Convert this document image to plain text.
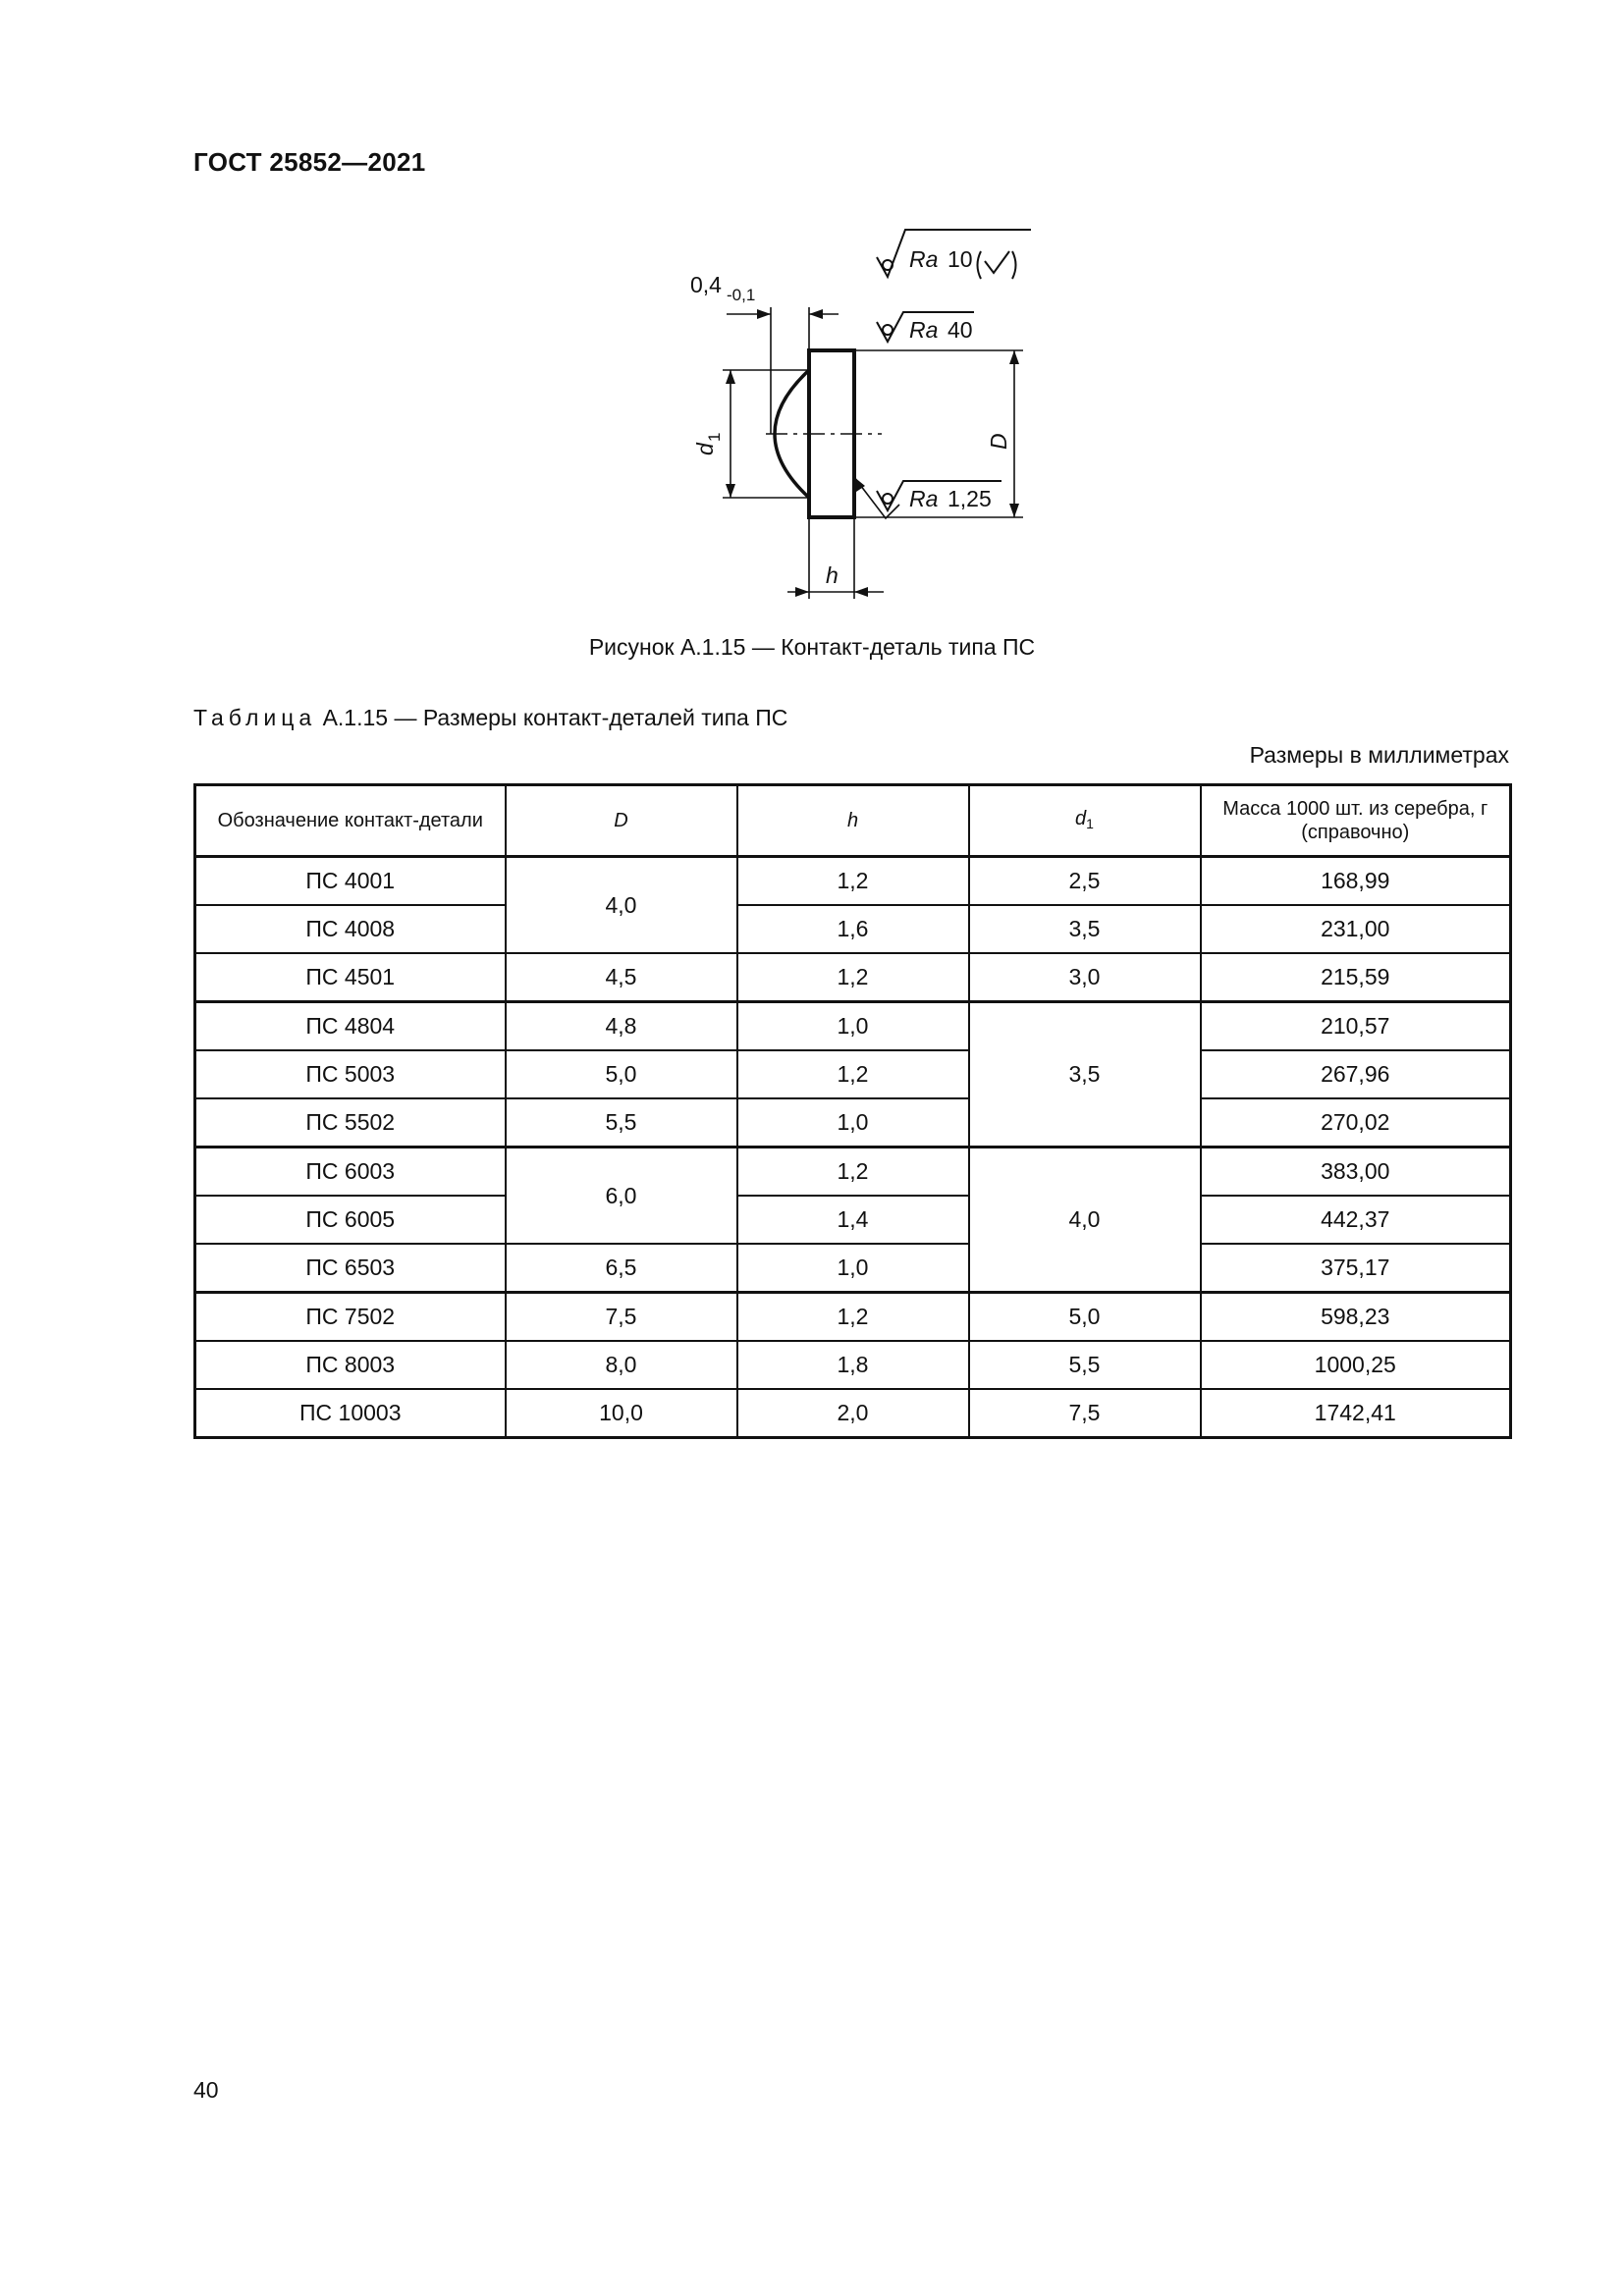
ГОСТ 25852—2021
0,4 -0,1
Ra 10
Ra 40
Ra 1,25
d
1	D
h
Рисунок А.1.15 — Контакт-деталь типа ПС
Таблица А.1.15 — Размеры контакт-деталей типа ПС
Размеры в миллиметрах
Обозначение контакт-детали	D	h	$d_1$	Масса 1000 шт. из серебра, г (справочно)
ПС 4001	4,0	1,2	2,5	168,99
ПС 4008		1,6	3,5	231,00
ПС 4501	4,5	1,2	3,0	215,59
ПС 4804	4,8	1,0	3,5	210,57
ПС 5003	5,0	1,2		267,96
ПС 5502	5,5	1,0		270,02
ПС 6003	6,0	1,2	4,0	383,00
ПС 6005		1,4		442,37
ПС 6503	6,5	1,0		375,17
ПС 7502	7,5	1,2	5,0	598,23
ПС 8003	8,0	1,8	5,5	1000,25
ПС 10003	10,0	2,0	7,5	1742,41
40
